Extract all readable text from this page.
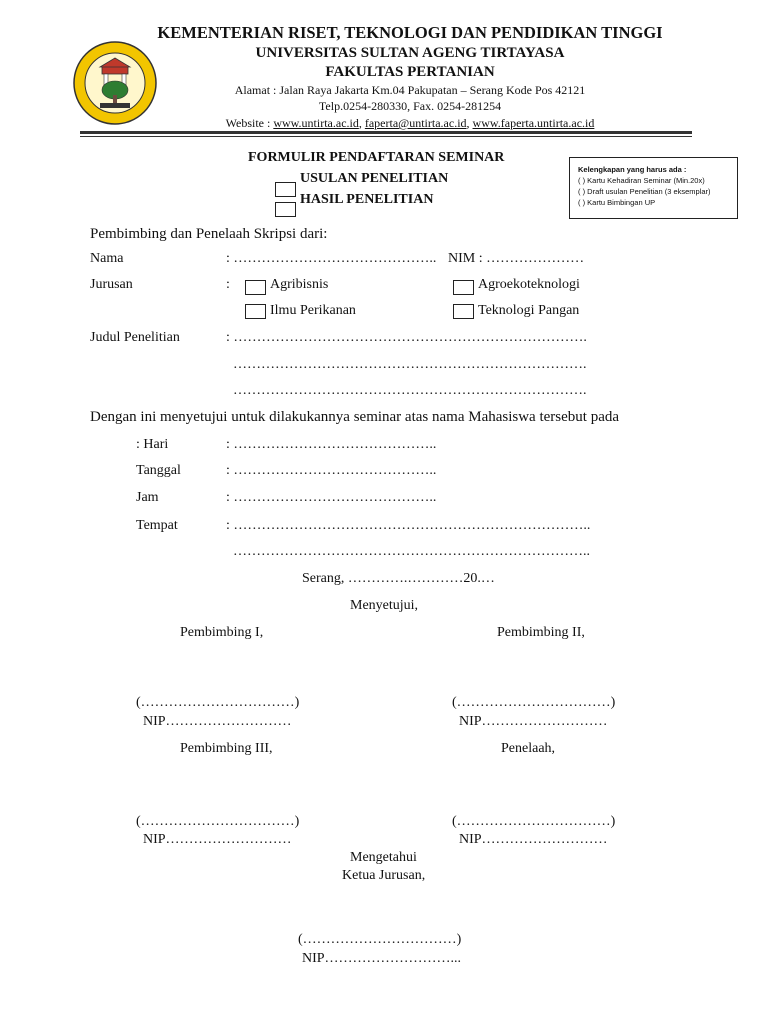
KEMENTERIAN RISET, TEKNOLOGI DAN PENDIDIKAN TINGGI
UNIVERSITAS SULTAN AGENG TIRTAYASA
FAKULTAS PERTANIAN
Alamat : Jalan Raya Jakarta Km.04 Pakupatan – Serang Kode Pos 42121
Telp.0254-280330, Fax. 0254-281254
Website : www.untirta.ac.id, faperta@untirta.ac.id, www.faperta.untirta.ac.id
FORMULIR PENDAFTARAN SEMINAR
USULAN PENELITIAN
HASIL PENELITIAN
Kelengkapan yang harus ada :
( ) Kartu Kehadiran Seminar (Min.20x)
( ) Draft usulan Penelitian (3 eksemplar)
( ) Kartu Bimbingan UP
Pembimbing dan Penelaah Skripsi dari:
Nama	: …………………………………….. NIM : …………………
Jurusan	:	Agribisnis	Agroekoteknologi
Ilmu Perikanan	Teknologi Pangan
Judul Penelitian	: ………………………………………………………………….
………………………………………………………………….
………………………………………………………………….
Dengan ini menyetujui untuk dilakukannya seminar atas nama Mahasiswa tersebut pada
: Hari	: ……………………………………..
Tanggal	: ……………………………………..
Jam	: ……………………………………..
Tempat	: …………………………………………………………………..
…………………………………………………………………..
Serang, ………….…………20.…
Menyetujui,
Pembimbing I,	Pembimbing II,
(……………………………)
NIP………………………
(……………………………)
NIP………………………
Pembimbing III,	Penelaah,
(……………………………)
NIP………………………
(……………………………)
NIP………………………
Mengetahui
Ketua Jurusan,
(……………………………)
NIP………………………...
